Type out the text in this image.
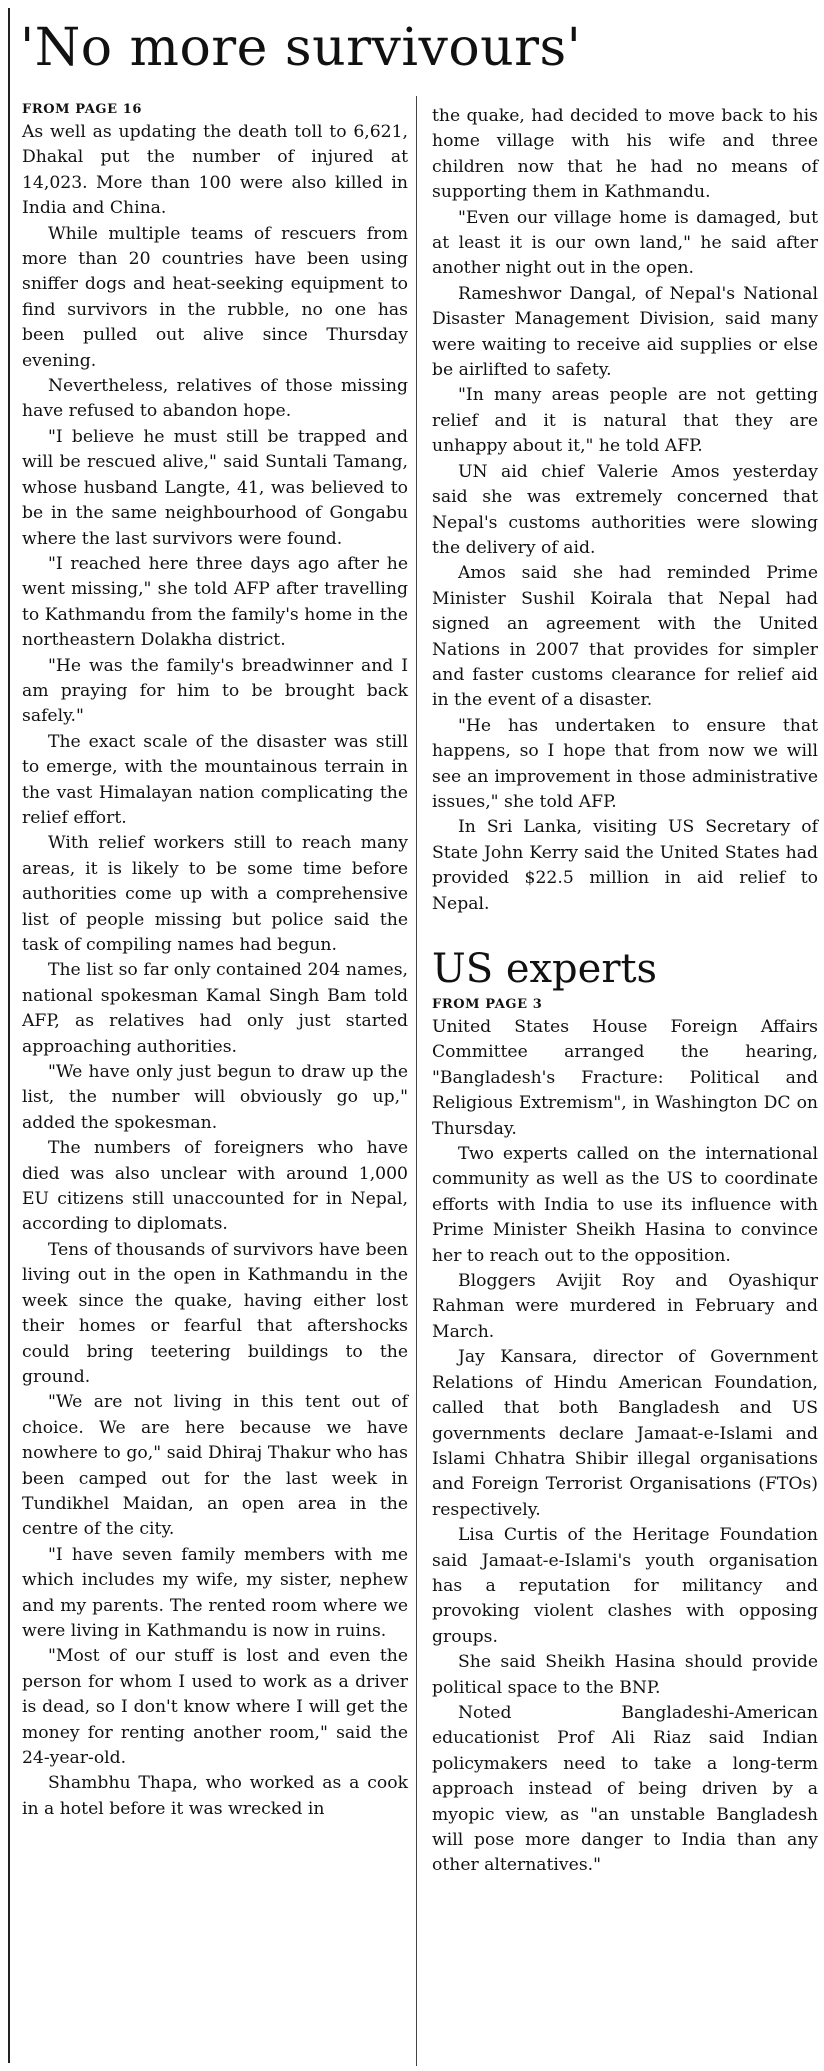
'No more survivours'
FROM PAGE 16

As well as updating the death toll to 6,621, Dhakal put the number of injured at 14,023. More than 100 were also killed in India and China.

While multiple teams of rescuers from more than 20 countries have been using sniffer dogs and heat-seeking equipment to find survivors in the rubble, no one has been pulled out alive since Thursday evening.

Nevertheless, relatives of those missing have refused to abandon hope.

"I believe he must still be trapped and will be rescued alive," said Suntali Tamang, whose husband Langte, 41, was believed to be in the same neighbourhood of Gongabu where the last survivors were found.

"I reached here three days ago after he went missing," she told AFP after travelling to Kathmandu from the family's home in the northeastern Dolakha district.

"He was the family's breadwinner and I am praying for him to be brought back safely."

The exact scale of the disaster was still to emerge, with the mountainous terrain in the vast Himalayan nation complicating the relief effort.

With relief workers still to reach many areas, it is likely to be some time before authorities come up with a comprehensive list of people missing but police said the task of compiling names had begun.

The list so far only contained 204 names, national spokesman Kamal Singh Bam told AFP, as relatives had only just started approaching authorities.

"We have only just begun to draw up the list, the number will obviously go up," added the spokesman.

The numbers of foreigners who have died was also unclear with around 1,000 EU citizens still unaccounted for in Nepal, according to diplomats.

Tens of thousands of survivors have been living out in the open in Kathmandu in the week since the quake, having either lost their homes or fearful that aftershocks could bring teetering buildings to the ground.

"We are not living in this tent out of choice. We are here because we have nowhere to go," said Dhiraj Thakur who has been camped out for the last week in Tundikhel Maidan, an open area in the centre of the city.

"I have seven family members with me which includes my wife, my sister, nephew and my parents. The rented room where we were living in Kathmandu is now in ruins.

"Most of our stuff is lost and even the person for whom I used to work as a driver is dead, so I don't know where I will get the money for renting another room," said the 24-year-old.

Shambhu Thapa, who worked as a cook in a hotel before it was wrecked in

the quake, had decided to move back to his home village with his wife and three children now that he had no means of supporting them in Kathmandu.

"Even our village home is damaged, but at least it is our own land," he said after another night out in the open.

Rameshwor Dangal, of Nepal's National Disaster Management Division, said many were waiting to receive aid supplies or else be airlifted to safety.

"In many areas people are not getting relief and it is natural that they are unhappy about it," he told AFP.

UN aid chief Valerie Amos yesterday said she was extremely concerned that Nepal's customs authorities were slowing the delivery of aid.

Amos said she had reminded Prime Minister Sushil Koirala that Nepal had signed an agreement with the United Nations in 2007 that provides for simpler and faster customs clearance for relief aid in the event of a disaster.

"He has undertaken to ensure that happens, so I hope that from now we will see an improvement in those administrative issues," she told AFP.

In Sri Lanka, visiting US Secretary of State John Kerry said the United States had provided $22.5 million in aid relief to Nepal.

US experts
FROM PAGE 3

United States House Foreign Affairs Committee arranged the hearing, "Bangladesh's Fracture: Political and Religious Extremism", in Washington DC on Thursday.

Two experts called on the international community as well as the US to coordinate efforts with India to use its influence with Prime Minister Sheikh Hasina to convince her to reach out to the opposition.

Bloggers Avijit Roy and Oyashiqur Rahman were murdered in February and March.

Jay Kansara, director of Government Relations of Hindu American Foundation, called that both Bangladesh and US governments declare Jamaat-e-Islami and Islami Chhatra Shibir illegal organisations and Foreign Terrorist Organisations (FTOs) respectively.

Lisa Curtis of the Heritage Foundation said Jamaat-e-Islami's youth organisation has a reputation for militancy and provoking violent clashes with opposing groups.

She said Sheikh Hasina should provide political space to the BNP.

Noted Bangladeshi-American educationist Prof Ali Riaz said Indian policymakers need to take a long-term approach instead of being driven by a myopic view, as "an unstable Bangladesh will pose more danger to India than any other alternatives."
